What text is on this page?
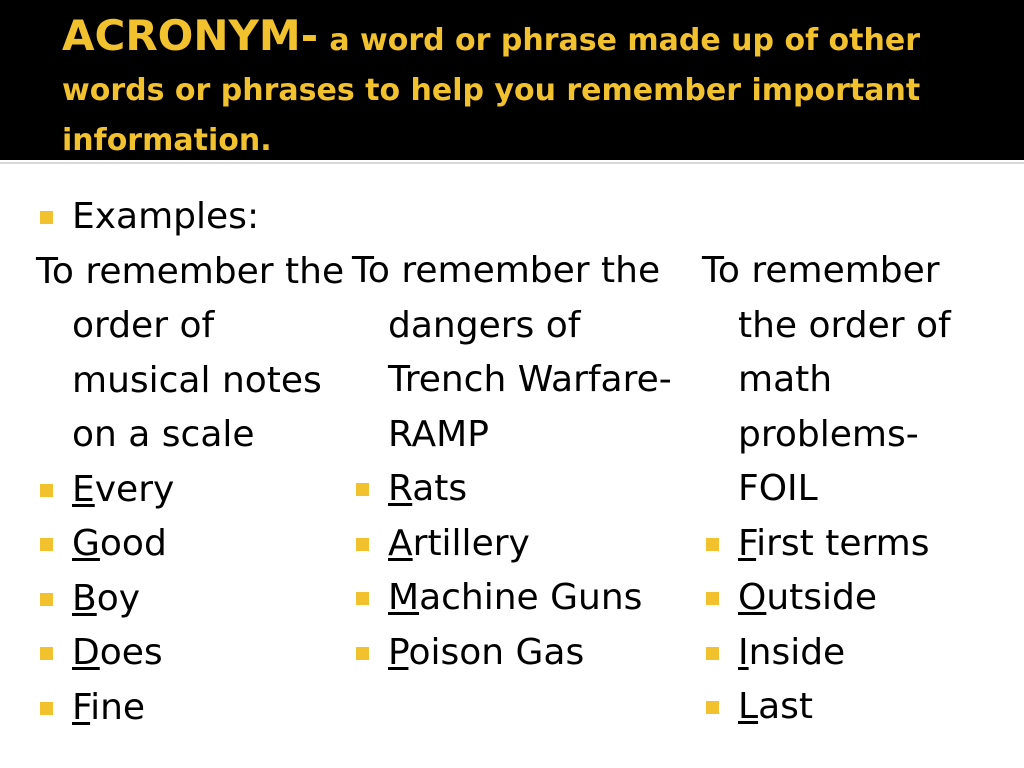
ACRONYM- a word or phrase made up of other words or phrases to help you remember important information.

Examples:

To remember the order of musical notes on a scale

Every

Good

Boy

Does

Fine

To remember the dangers of Trench Warfare- RAMP

Rats

Artillery

Machine Guns

Poison Gas

To remember the order of math problems- FOIL

First terms

Outside

Inside

Last
